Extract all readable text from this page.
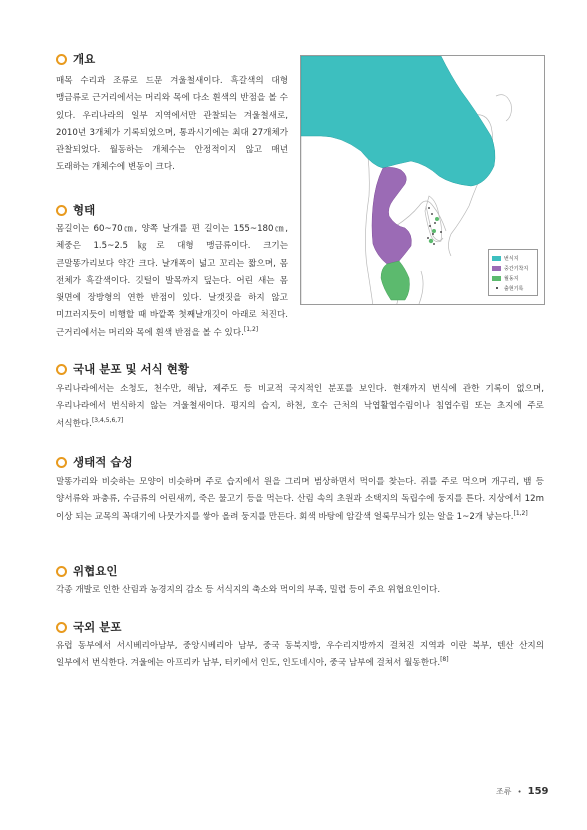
개요

매목 수리과 조류로 드문 겨울철새이다. 흑갈색의 대형 맹금류로 근거리에서는 머리와 목에 다소 흰색의 반점을 볼 수 있다. 우리나라의 일부 지역에서만 관찰되는 겨울철새로, 2010년 3개체가 기록되었으며, 통과시기에는 최대 27개체가 관찰되었다. 월동하는 개체수는 안정적이지 않고 매년 도래하는 개체수에 변동이 크다.

형태

몸길이는 60~70㎝, 양쪽 날개를 편 길이는 155~180㎝, 체중은 1.5~2.5㎏로 대형 맹금류이다. 크기는 큰말똥가리보다 약간 크다. 날개폭이 넓고 꼬리는 짧으며, 몸 전체가 흑갈색이다. 깃털이 발목까지 덮는다. 어린 새는 몸 윗면에 장방형의 연한 반점이 있다. 날갯짓을 하지 않고 미끄러지듯이 비행할 때 바깥쪽 첫째날개깃이 아래로 처진다. 근거리에서는 머리와 목에 흰색 반점을 볼 수 있다.[1,2]

번식지
중간기착지
월동지
출현기록
국내 분포 및 서식 현황

우리나라에서는 소청도, 천수만, 해남, 제주도 등 비교적 국지적인 분포를 보인다. 현재까지 번식에 관한 기록이 없으며, 우리나라에서 번식하지 않는 겨울철새이다. 평지의 습지, 하천, 호수 근처의 낙엽활엽수림이나 침엽수림 또는 초지에 주로 서식한다.[3,4,5,6,7]

생태적 습성

말똥가리와 비슷하는 모양이 비슷하며 주로 습지에서 원을 그리며 범상하면서 먹이를 찾는다. 쥐를 주로 먹으며 개구리, 뱀 등 양서류와 파충류, 수금류의 어린새끼, 죽은 물고기 등을 먹는다. 산림 속의 초원과 소택지의 독립수에 둥지를 튼다. 지상에서 12m 이상 되는 교목의 꼭대기에 나뭇가지를 쌓아 올려 둥지를 만든다. 회색 바탕에 암갈색 얼룩무늬가 있는 알을 1~2개 낳는다.[1,2]

위협요인

각종 개발로 인한 산림과 농경지의 감소 등 서식지의 축소와 먹이의 부족, 밀렵 등이 주요 위협요인이다.

국외 분포

유럽 동부에서 서시베리아남부, 중앙시베리아 남부, 중국 동북지방, 우수리지방까지 걸쳐진 지역과 이란 북부, 텐산 산지의 일부에서 번식한다. 겨울에는 아프리카 남부, 터키에서 인도, 인도네시아, 중국 남부에 걸쳐서 월동한다.[8]

조류 • 159
